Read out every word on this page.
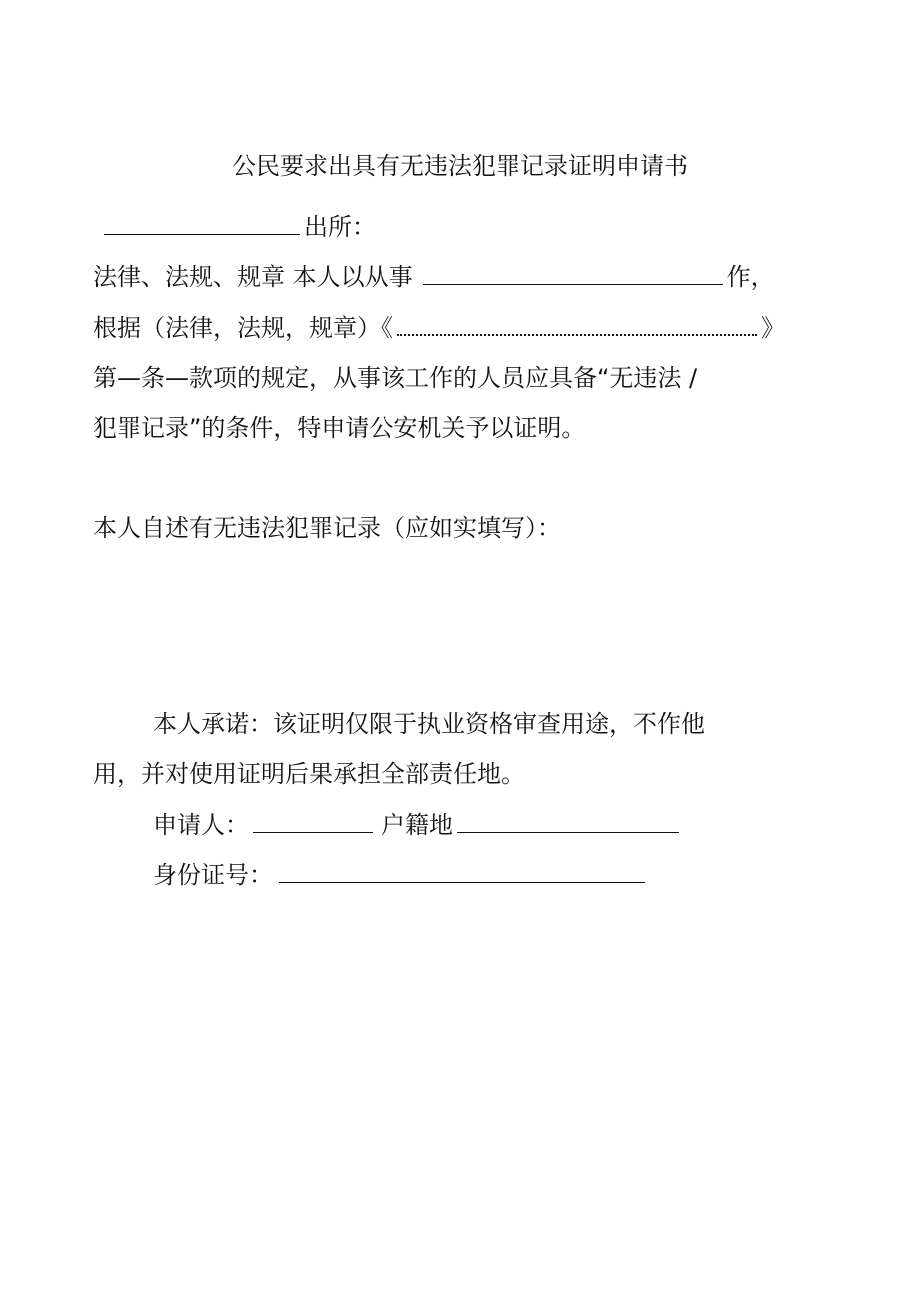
公民要求出具有无违法犯罪记录证明申请书
出所：
法律、法规、规章 本人以从事	作，
根据（法律，法规，规章）《	》
第—条—款项的规定，从事该工作的人员应具备“无违法 /
犯罪记录”的条件，特申请公安机关予以证明。
本人自述有无违法犯罪记录（应如实填写）：
本人承诺：该证明仅限于执业资格审查用途，不作他
用，并对使用证明后果承担全部责任地。
申请人：	户籍地
身份证号：
